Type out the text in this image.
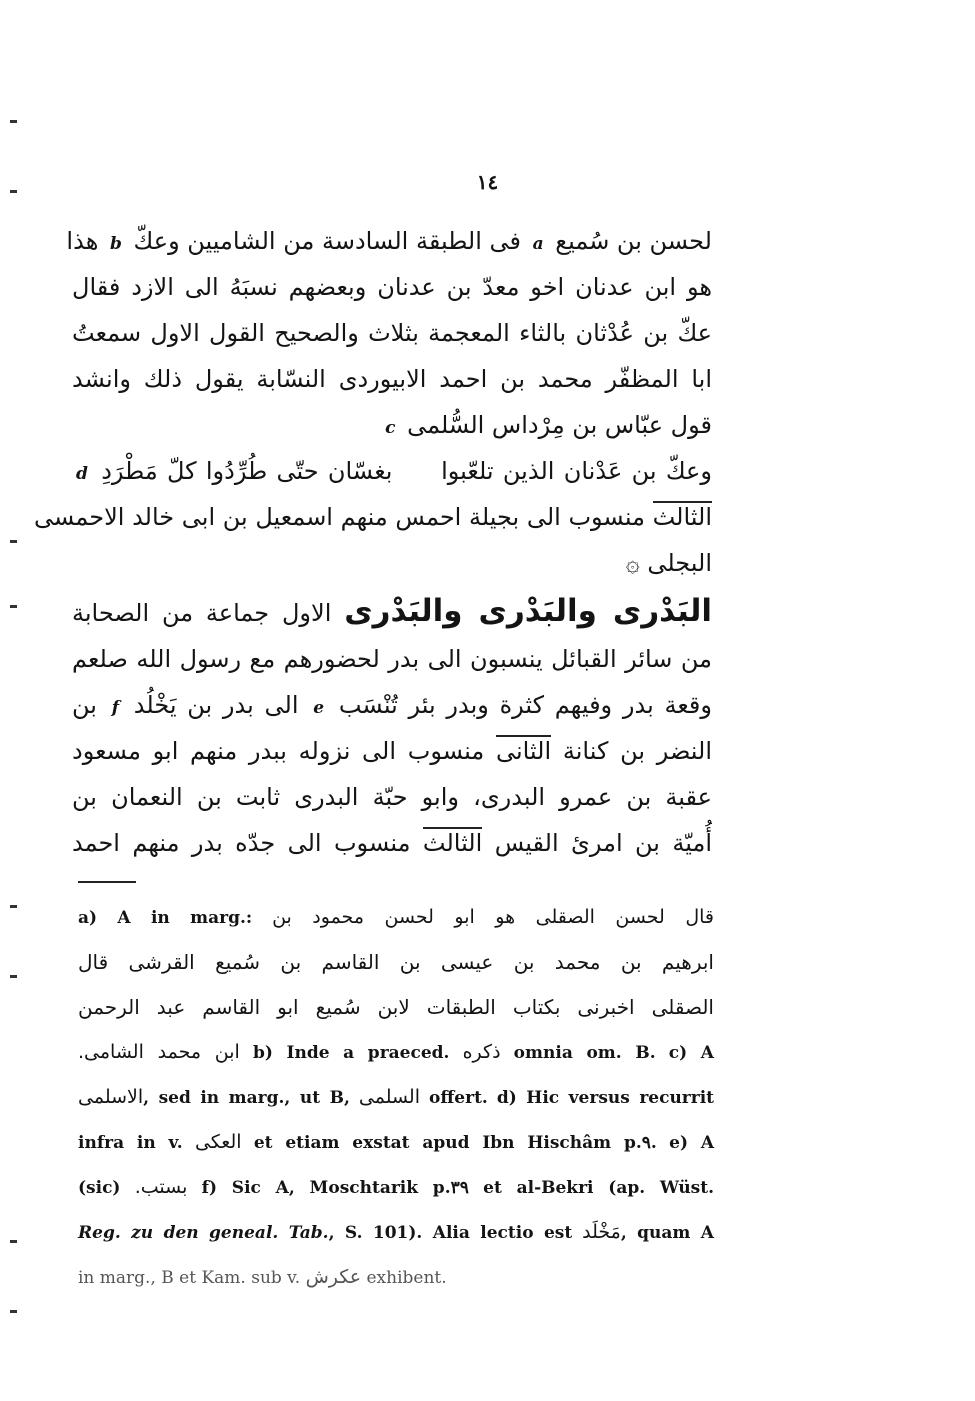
١٤
لحسن بن سُميع a فى الطبقة السادسة من الشاميين وعكّ b هذا
هو ابن عدنان اخو معدّ بن عدنان وبعضهم نسبَهُ الى الازد فقال
عكّ بن عُدْثان بالثاء المعجمة بثلاث والصحيح القول الاول سمعتُ
ابا المظفّر محمد بن احمد الابيوردى النسّابة يقول ذلك وانشد
قول عبّاس بن مِرْداس السُّلمى c
وعكّ بن عَدْنان الذين تلعّبوا  بغسّان حتّى طُرِّدُوا كلّ مَطْرَدِ d
الثالث منسوب الى بجيلة احمس منهم اسمعيل بن ابى خالد الاحمسى
البجلى ۞
البَدْرى والبَدْرى والبَدْرى الاول جماعة من الصحابة
من سائر القبائل ينسبون الى بدر لحضورهم مع رسول الله صلعم
وقعة بدر وفيهم كثرة وبدر بئر تُنْسَب e الى بدر بن يَخْلُد f بن
النضر بن كنانة الثانى منسوب الى نزوله ببدر منهم ابو مسعود
عقبة بن عمرو البدرى، وابو حبّة البدرى ثابت بن النعمان بن
أُميّة بن امرئ القيس الثالث منسوب الى جدّه بدر منهم احمد
a) A in marg.: قال لحسن الصقلى هو ابو لحسن محمود بن
ابرهيم بن محمد بن عيسى بن القاسم بن سُميع القرشى قال
الصقلى اخبرنى بكتاب الطبقات لابن سُميع ابو القاسم عبد الرحمن
ابن محمد الشامى. b) Inde a praeced. ذكره omnia om. B. c) A
الاسلمى, sed in marg., ut B, السلمى offert. d) Hic versus recurrit
infra in v. العكى et etiam exstat apud Ibn Hischâm p.٩. e) A
(sic) بستب. f) Sic A, Moschtarik p.٣٩ et al-Bekri (ap. Wüst.
Reg. zu den geneal. Tab., S. 101). Alia lectio est مَخْلَد, quam A
in marg., B et Kam. sub v. عكرش exhibent.
